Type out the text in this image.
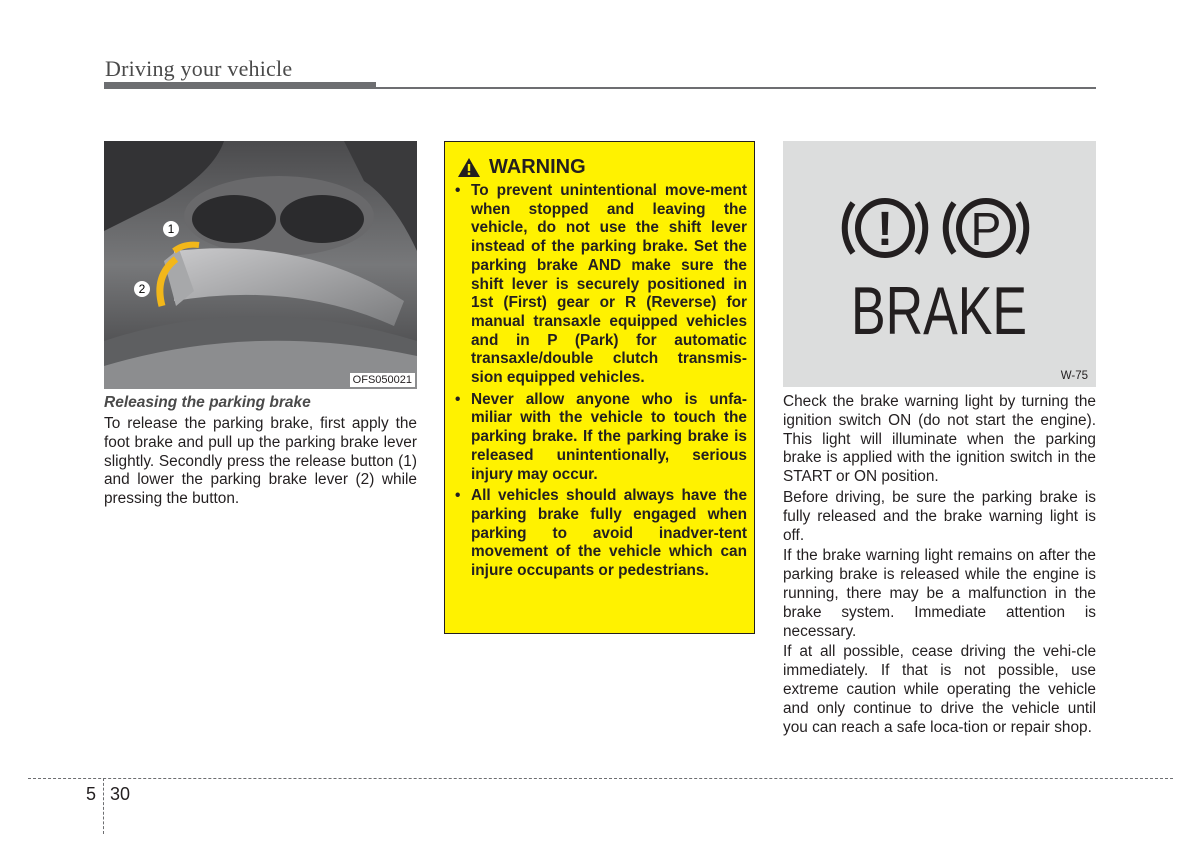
Driving your vehicle
1
2
OFS050021
Releasing the parking brake

To release the parking brake, first apply the foot brake and pull up the parking brake lever slightly. Secondly press the release button (1) and lower the parking brake lever (2) while pressing the button.

WARNING
• To prevent unintentional move-ment when stopped and leaving the vehicle, do not use the shift lever instead of the parking brake. Set the parking brake AND make sure the shift lever is securely positioned in 1st (First) gear or R (Reverse) for manual transaxle equipped vehicles and in P (Park) for automatic transaxle/double clutch transmis-sion equipped vehicles.
• Never allow anyone who is unfa-miliar with the vehicle to touch the parking brake. If the parking brake is released unintentionally, serious injury may occur.
• All vehicles should always have the parking brake fully engaged when parking to avoid inadver-tent movement of the vehicle which can injure occupants or pedestrians.
! P
BRAKE
W-75

Check the brake warning light by turning the ignition switch ON (do not start the engine). This light will illuminate when the parking brake is applied with the ignition switch in the START or ON position.

Before driving, be sure the parking brake is fully released and the brake warning light is off.

If the brake warning light remains on after the parking brake is released while the engine is running, there may be a malfunction in the brake system. Immediate attention is necessary.

If at all possible, cease driving the vehi-cle immediately. If that is not possible, use extreme caution while operating the vehicle and only continue to drive the vehicle until you can reach a safe loca-tion or repair shop.

5 30
